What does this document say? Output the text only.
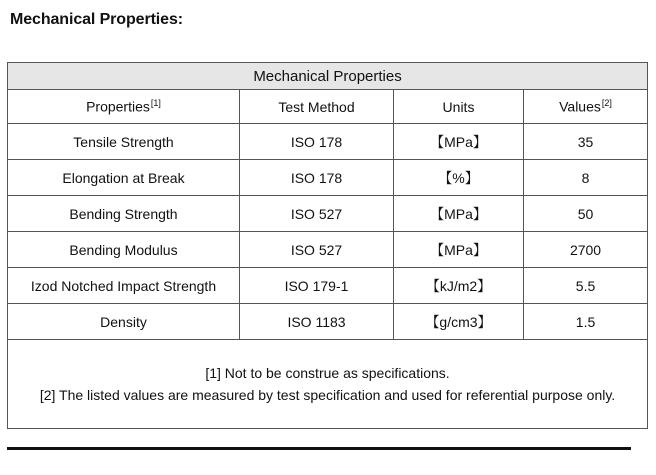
Mechanical Properties:
Mechanical Properties			
Properties[1]	Test Method	Units	Values[2]
Tensile Strength	ISO 178	【MPa】	35
Elongation at Break	ISO 178	【%】	8
Bending Strength	ISO 527	【MPa】	50
Bending Modulus	ISO 527	【MPa】	2700
Izod Notched Impact Strength	ISO 179-1	【kJ/m2】	5.5
Density	ISO 1183	【g/cm3】	1.5

[1] Not to be construe as specifications.
[2] The listed values are measured by test specification and used for referential purpose only.			
